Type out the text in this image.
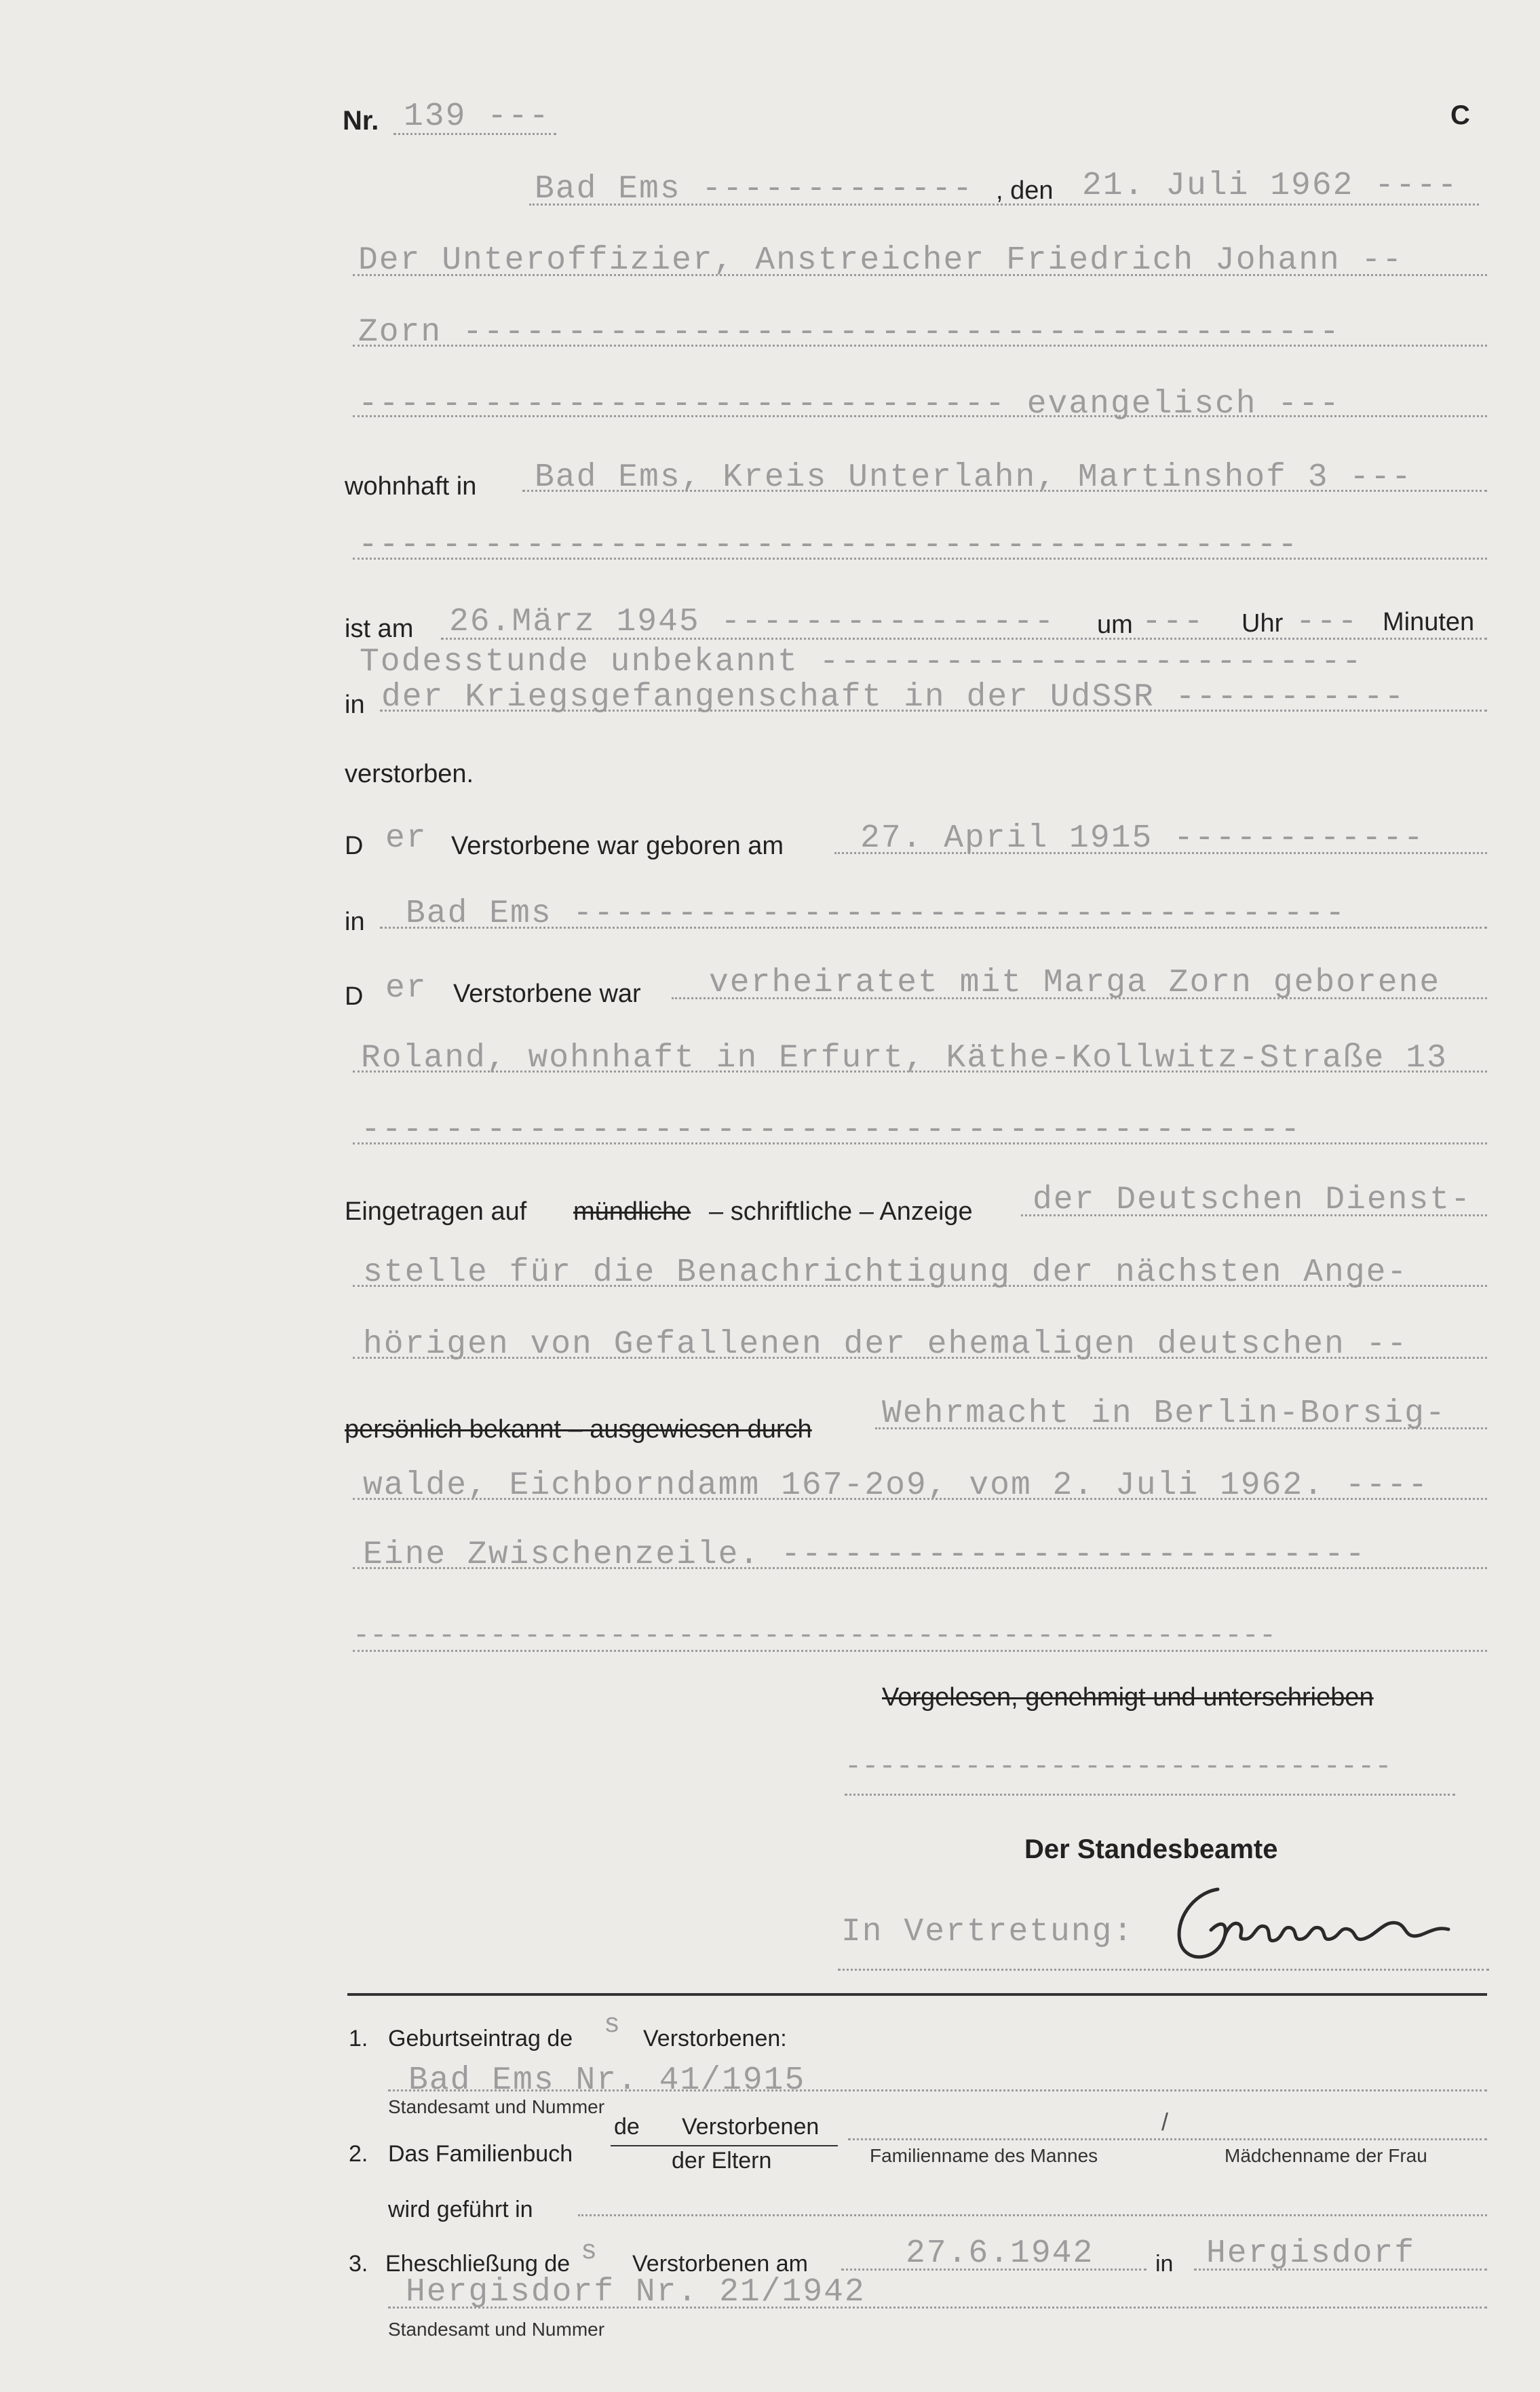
Nr. 139 ---	C
Bad Ems ------------- , den 21. Juli 1962 ----
Der Unteroffizier, Anstreicher Friedrich Johann --
Zorn ------------------------------------------
------------------------------- evangelisch ---
wohnhaft in Bad Ems, Kreis Unterlahn, Martinshof 3 ---
---------------------------------------------
ist am 26.März 1945 ---------------- um --- Uhr --- Minuten
Todesstunde unbekannt --------------------------
in der Kriegsgefangenschaft in der UdSSR -----------
verstorben.
D er Verstorbene war geboren am 27. April 1915 ------------
in Bad Ems -------------------------------------
D er Verstorbene war verheiratet mit Marga Zorn geborene
Roland, wohnhaft in Erfurt, Käthe-Kollwitz-Straße 13
---------------------------------------------
Eingetragen auf mündliche – schriftliche – Anzeige der Deutschen Dienst-
stelle für die Benachrichtigung der nächsten Ange-
hörigen von Gefallenen der ehemaligen deutschen --
persönlich bekannt – ausgewiesen durch Wehrmacht in Berlin-Borsig-
walde, Eichborndamm 167-2o9, vom 2. Juli 1962. ----
Eine Zwischenzeile. ----------------------------
------------------------------------------------------
Vorgelesen, genehmigt und unterschrieben
--------------------------------
Der Standesbeamte
In Vertretung:
1. Geburtseintrag de s Verstorbenen:
Bad Ems Nr. 41/1915
Standesamt und Nummer
2. Das Familienbuch
de Verstorbenen
der Eltern
/
Familienname des Mannes	Mädchenname der Frau
wird geführt in
3. Eheschließung de s Verstorbenen am	27.6.1942	in Hergisdorf
Hergisdorf Nr. 21/1942
Standesamt und Nummer
